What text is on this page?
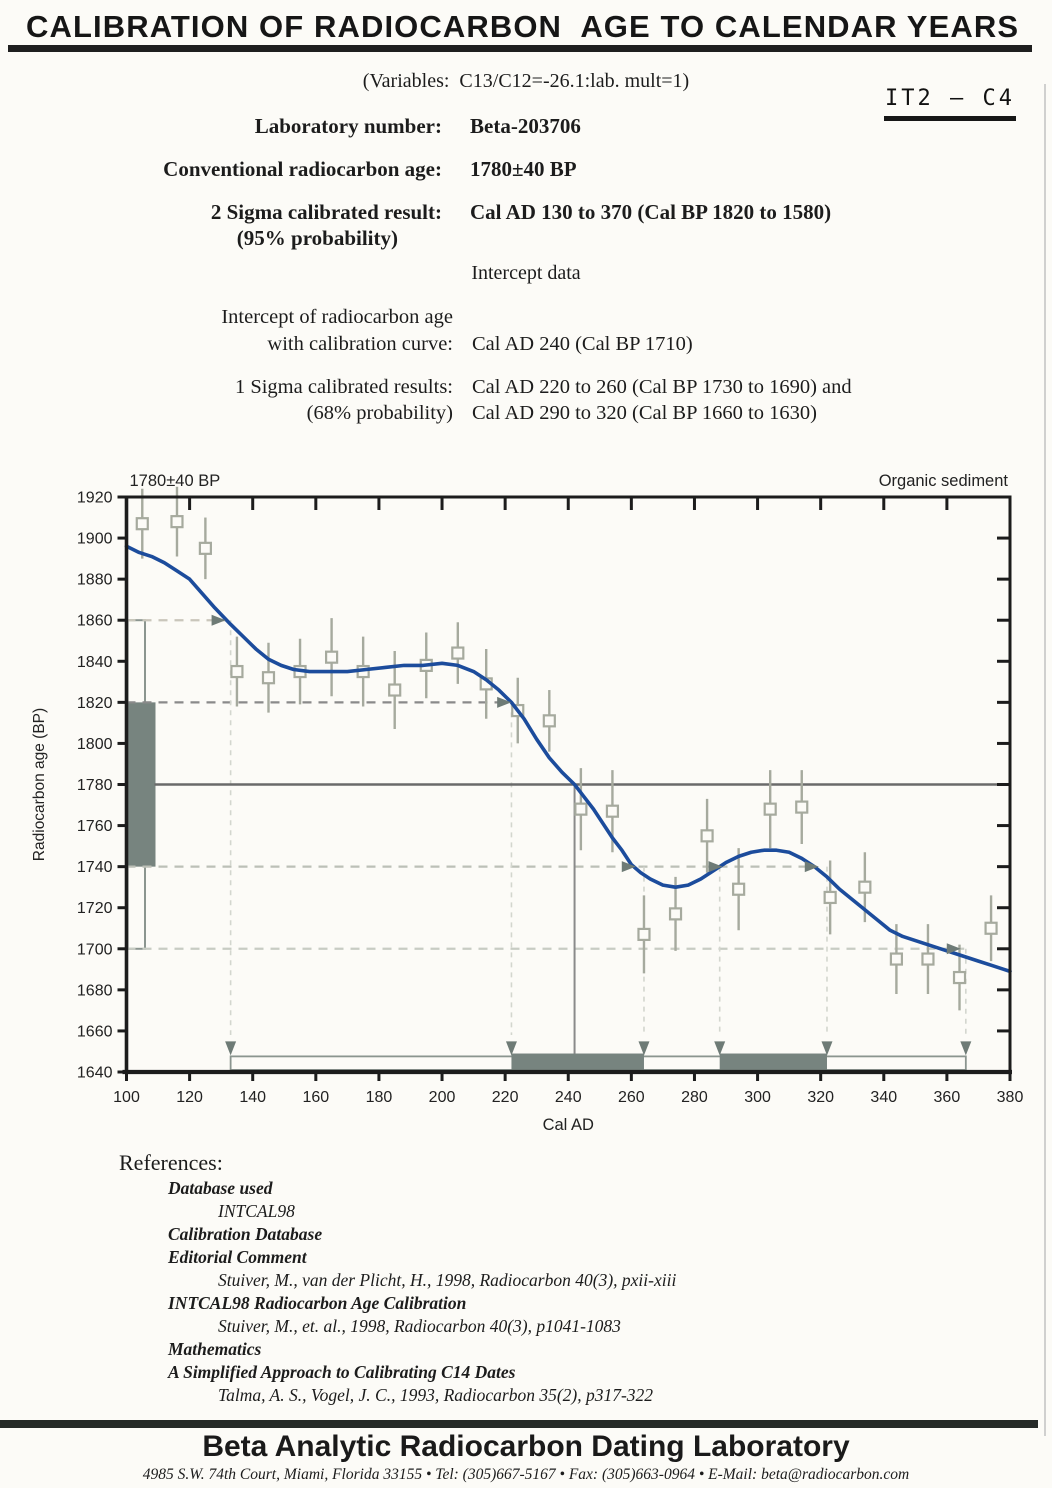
CALIBRATION OF RADIOCARBON  AGE TO CALENDAR YEARS
(Variables:  C13/C12=-26.1:lab. mult=1)
IT2 – C4
Laboratory number: Beta-203706
Conventional radiocarbon age: 1780±40 BP
2 Sigma calibrated result:
(95% probability)
Cal AD 130 to 370 (Cal BP 1820 to 1580)
Intercept data
Intercept of radiocarbon age
with calibration curve: Cal AD 240 (Cal BP 1710)
1 Sigma calibrated results:
(68% probability)
Cal AD 220 to 260 (Cal BP 1730 to 1690) and
Cal AD 290 to 320 (Cal BP 1660 to 1630)
100 120 140 160 180 200 220 240 260 280 300 320 340 360 380
1640
1660
1680
1700
1720
1740
1760
1780
1800
1820
1840
1860
1880
1900
1920
1780±40 BP	Organic sediment
Cal AD
Radiocarbon age (BP)
References:
Database used
INTCAL98
Calibration Database
Editorial Comment
Stuiver, M., van der Plicht, H., 1998, Radiocarbon 40(3), pxii-xiii
INTCAL98 Radiocarbon Age Calibration
Stuiver, M., et. al., 1998, Radiocarbon 40(3), p1041-1083
Mathematics
A Simplified Approach to Calibrating C14 Dates
Talma, A. S., Vogel, J. C., 1993, Radiocarbon 35(2), p317-322
Beta Analytic Radiocarbon Dating Laboratory
4985 S.W. 74th Court, Miami, Florida 33155 • Tel: (305)667-5167 • Fax: (305)663-0964 • E-Mail: beta@radiocarbon.com
